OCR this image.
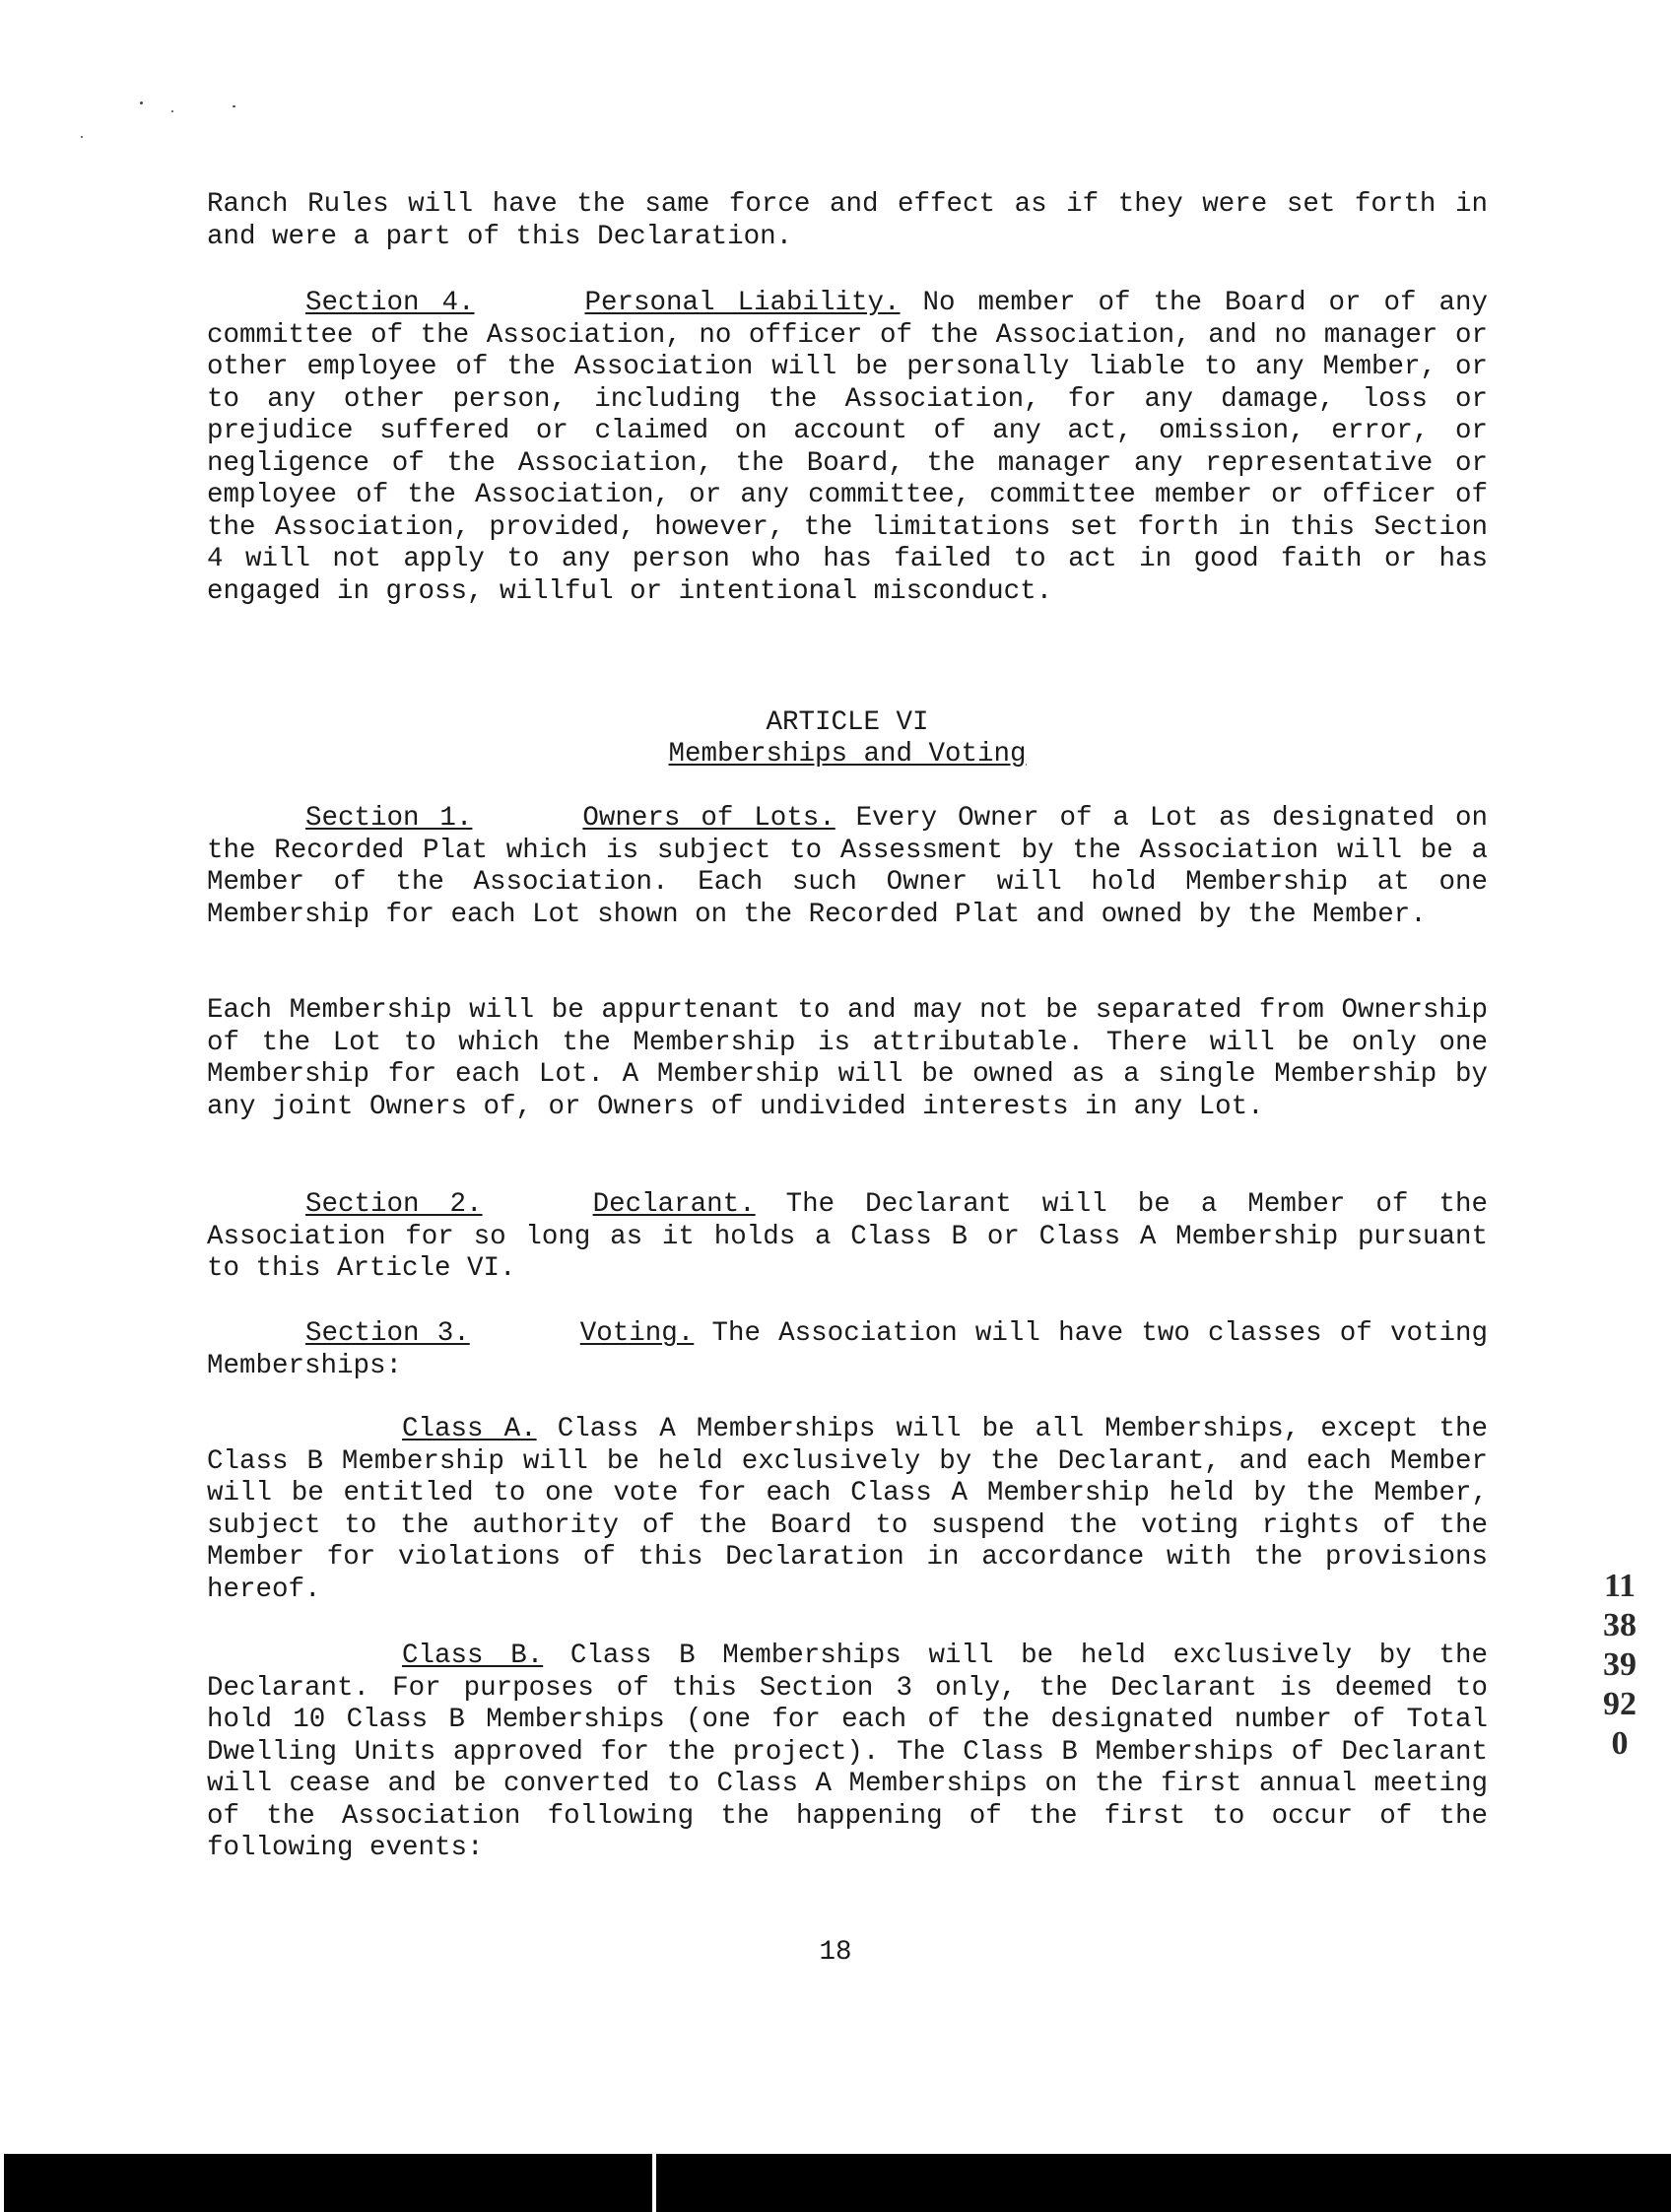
Ranch Rules will have the same force and effect as if they were set forth in and were a part of this Declaration.

Section 4.	Personal Liability. No member of the Board or of any committee of the Association, no officer of the Association, and no manager or other employee of the Association will be personally liable to any Member, or to any other person, including the Association, for any damage, loss or prejudice suffered or claimed on account of any act, omission, error, or negligence of the Association, the Board, the manager any representative or employee of the Association, or any committee, committee member or officer of the Association, provided, however, the limitations set forth in this Section 4 will not apply to any person who has failed to act in good faith or has engaged in gross, willful or intentional misconduct.

ARTICLE VI
Memberships and Voting

Section 1.	Owners of Lots. Every Owner of a Lot as designated on the Recorded Plat which is subject to Assessment by the Association will be a Member of the Association. Each such Owner will hold Membership at one Membership for each Lot shown on the Recorded Plat and owned by the Member.

Each Membership will be appurtenant to and may not be separated from Ownership of the Lot to which the Membership is attributable. There will be only one Membership for each Lot. A Membership will be owned as a single Membership by any joint Owners of, or Owners of undivided interests in any Lot.

Section 2.	Declarant. The Declarant will be a Member of the Association for so long as it holds a Class B or Class A Membership pursuant to this Article VI.

Section 3.	Voting. The Association will have two classes of voting Memberships:

Class A. Class A Memberships will be all Memberships, except the Class B Membership will be held exclusively by the Declarant, and each Member will be entitled to one vote for each Class A Membership held by the Member, subject to the authority of the Board to suspend the voting rights of the Member for violations of this Declaration in accordance with the provisions hereof.

Class B. Class B Memberships will be held exclusively by the Declarant. For purposes of this Section 3 only, the Declarant is deemed to hold 10 Class B Memberships (one for each of the designated number of Total Dwelling Units approved for the project). The Class B Memberships of Declarant will cease and be converted to Class A Memberships on the first annual meeting of the Association following the happening of the first to occur of the following events:

18
113839920
